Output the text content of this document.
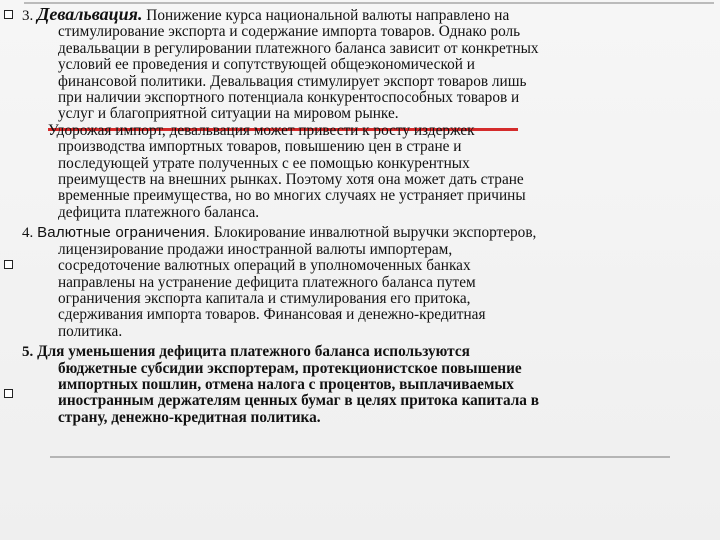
3. Девальвация. Понижение курса национальной валюты направлено на
стимулирование экспорта и содержание импорта товаров. Однако роль
девальвации в регулировании платежного баланса зависит от конкретных
условий ее проведения и сопутствующей общеэкономической и
финансовой политики. Девальвация стимулирует экспорт товаров лишь
при наличии экспортного потенциала конкурентоспособных товаров и
услуг и благоприятной ситуации на мировом рынке.
Удорожая импорт, девальвация может привести к росту издержек
производства импортных товаров, повышению цен в стране и
последующей утрате полученных с ее помощью конкурентных
преимуществ на внешних рынках. Поэтому хотя она может дать стране
временные преимущества, но во многих случаях не устраняет причины
дефицита платежного баланса.
4. Валютные ограничения. Блокирование инвалютной выручки экспортеров,
лицензирование продажи иностранной валюты импортерам,
сосредоточение валютных операций в уполномоченных банках
направлены на устранение дефицита платежного баланса путем
ограничения экспорта капитала и стимулирования его притока,
сдерживания импорта товаров. Финансовая и денежно-кредитная
политика.
5. Для уменьшения дефицита платежного баланса используются
бюджетные субсидии экспортерам, протекционистское повышение
импортных пошлин, отмена налога с процентов, выплачиваемых
иностранным держателям ценных бумаг в целях притока капитала в
страну, денежно-кредитная политика.
